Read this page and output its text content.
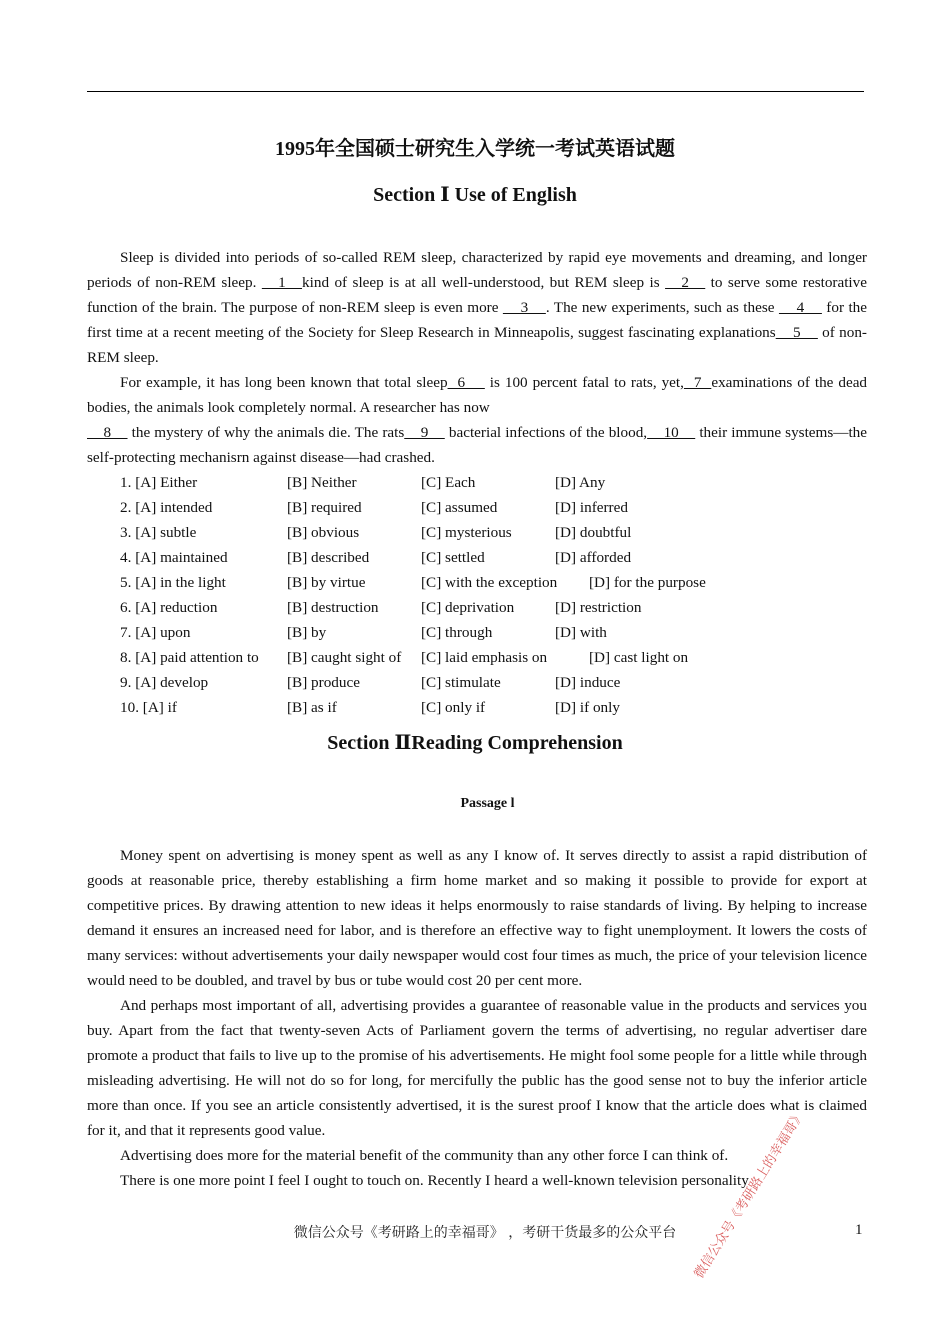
1995年全国硕士研究生入学统一考试英语试题
Section Ⅰ Use of English

Sleep is divided into periods of so-called REM sleep, characterized by rapid eye movements and dreaming, and longer periods of non-REM sleep.    1   kind of sleep is at all well-understood, but REM sleep is    2    to serve some restorative function of the brain. The purpose of non-REM sleep is even more     3    . The new experiments, such as these     4     for the first time at a recent meeting of the Society for Sleep Research in Minneapolis, suggest fascinating explanations    5     of non-REM sleep.

For example, it has long been known that total sleep  6     is 100 percent fatal to rats, yet,  7  examinations of the dead bodies, the animals look completely normal. A researcher has now

8     the mystery of why the animals die. The rats    9     bacterial infections of the blood,    10     their immune systems—the self-protecting mechanisrn against disease—had crashed.

1. [A] Either	[B] Neither	[C] Each	[D] Any
2. [A] intended	[B] required	[C] assumed	[D] inferred
3. [A] subtle	[B] obvious	[C] mysterious	[D] doubtful
4. [A] maintained	[B] described	[C] settled	[D] afforded
5. [A] in the light	[B] by virtue	[C] with the exception [D] for the purpose
6. [A] reduction	[B] destruction	[C] deprivation	[D] restriction
7. [A] upon	[B] by	[C] through	[D] with
8. [A] paid attention to [B] caught sight of [C] laid emphasis on	[D] cast light on
9. [A] develop	[B] produce	[C] stimulate	[D] induce
10. [A] if	[B] as if	[C] only if	[D] if only
Section ⅡReading Comprehension
Passage l

Money spent on advertising is money spent as well as any I know of. It serves directly to assist a rapid distribution of goods at reasonable price, thereby establishing a firm home market and so making it possible to provide for export at competitive prices. By drawing attention to new ideas it helps enormously to raise standards of living. By helping to increase demand it ensures an increased need for labor, and is therefore an effective way to fight unemployment. It lowers the costs of many services: without advertisements your daily newspaper would cost four times as much, the price of your television licence would need to be doubled, and travel by bus or tube would cost 20 per cent more.

And perhaps most important of all, advertising provides a guarantee of reasonable value in the products and services you buy. Apart from the fact that twenty-seven Acts of Parliament govern the terms of advertising, no regular advertiser dare promote a product that fails to live up to the promise of his advertisements. He might fool some people for a little while through misleading advertising. He will not do so for long, for mercifully the public has the good sense not to buy the inferior article more than once. If you see an article consistently advertised, it is the surest proof I know that the article does what is claimed for it, and that it represents good value.

Advertising does more for the material benefit of the community than any other force I can think of.

There is one more point I feel I ought to touch on. Recently I heard a well-known television personality

微信公众号《考研路上的幸福哥》
微信公众号《考研路上的幸福哥》 ，考研干货最多的公众平台	1
